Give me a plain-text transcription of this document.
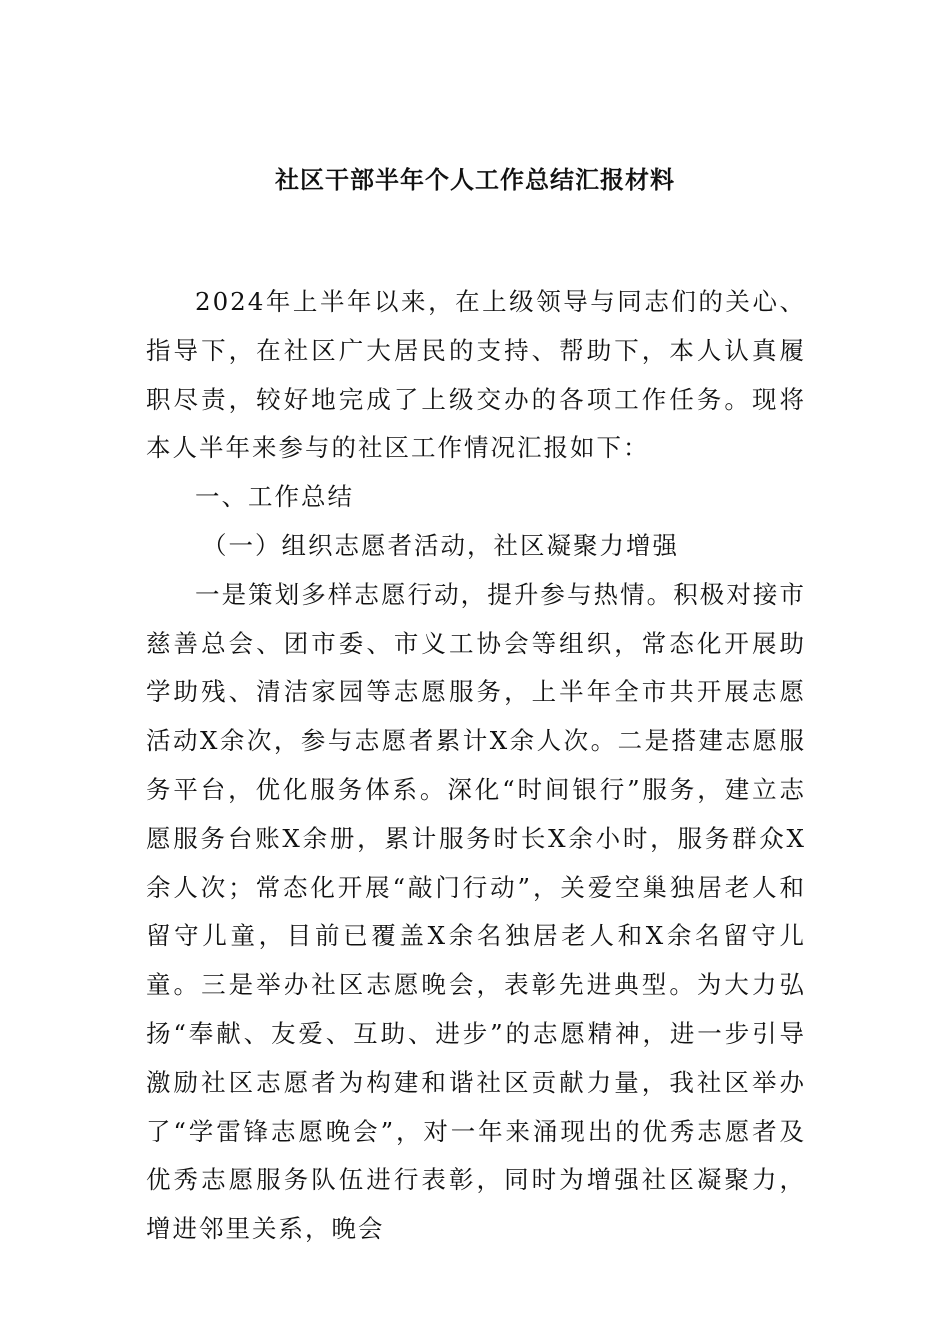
社区干部半年个人工作总结汇报材料

2024年上半年以来，在上级领导与同志们的关心、指导下，在社区广大居民的支持、帮助下，本人认真履职尽责，较好地完成了上级交办的各项工作任务。现将本人半年来参与的社区工作情况汇报如下：

一、工作总结

（一）组织志愿者活动，社区凝聚力增强

一是策划多样志愿行动，提升参与热情。积极对接市慈善总会、团市委、市义工协会等组织，常态化开展助学助残、清洁家园等志愿服务，上半年全市共开展志愿活动X余次，参与志愿者累计X余人次。二是搭建志愿服务平台，优化服务体系。深化“时间银行”服务，建立志愿服务台账X余册，累计服务时长X余小时，服务群众X余人次；常态化开展“敲门行动”，关爱空巢独居老人和留守儿童，目前已覆盖X余名独居老人和X余名留守儿童。三是举办社区志愿晚会，表彰先进典型。为大力弘扬“奉献、友爱、互助、进步”的志愿精神，进一步引导激励社区志愿者为构建和谐社区贡献力量，我社区举办了“学雷锋志愿晚会”，对一年来涌现出的优秀志愿者及优秀志愿服务队伍进行表彰，同时为增强社区凝聚力，增进邻里关系，晚会
